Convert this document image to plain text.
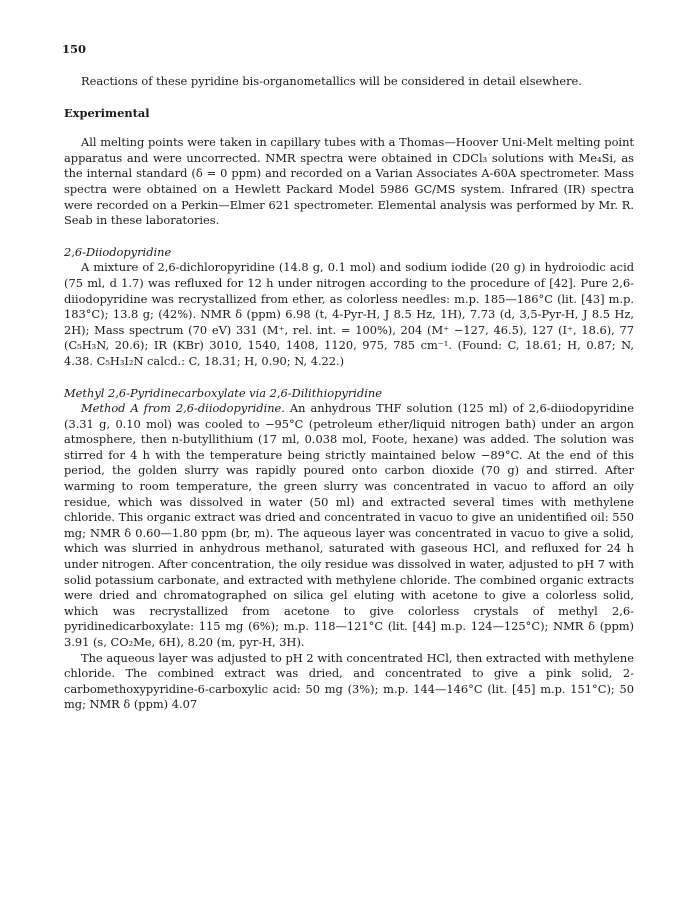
150

Reactions of these pyridine bis-organometallics will be considered in detail elsewhere.

Experimental

All melting points were taken in capillary tubes with a Thomas—Hoover Uni-Melt melting point apparatus and were uncorrected. NMR spectra were obtained in CDCl₃ solutions with Me₄Si, as the internal standard (δ = 0 ppm) and recorded on a Varian Associates A-60A spectrometer. Mass spectra were obtained on a Hewlett Packard Model 5986 GC/MS system. Infrared (IR) spectra were recorded on a Perkin—Elmer 621 spectrometer. Elemental analysis was performed by Mr. R. Seab in these laboratories.

2,6-Diiodopyridine

A mixture of 2,6-dichloropyridine (14.8 g, 0.1 mol) and sodium iodide (20 g) in hydroiodic acid (75 ml, d 1.7) was refluxed for 12 h under nitrogen according to the procedure of [42]. Pure 2,6-diiodopyridine was recrystallized from ether, as colorless needles: m.p. 185—186°C (lit. [43] m.p. 183°C); 13.8 g; (42%). NMR δ (ppm) 6.98 (t, 4-Pyr-H, J 8.5 Hz, 1H), 7.73 (d, 3,5-Pyr-H, J 8.5 Hz, 2H); Mass spectrum (70 eV) 331 (M⁺, rel. int. = 100%), 204 (M⁺ −127, 46.5), 127 (I⁺, 18.6), 77 (C₅H₃N, 20.6); IR (KBr) 3010, 1540, 1408, 1120, 975, 785 cm⁻¹. (Found: C, 18.61; H, 0.87; N, 4.38. C₅H₃I₂N calcd.: C, 18.31; H, 0.90; N, 4.22.)

Methyl 2,6-Pyridinecarboxylate via 2,6-Dilithiopyridine

Method A from 2,6-diiodopyridine. An anhydrous THF solution (125 ml) of 2,6-diiodopyridine (3.31 g, 0.10 mol) was cooled to −95°C (petroleum ether/liquid nitrogen bath) under an argon atmosphere, then n-butyllithium (17 ml, 0.038 mol, Foote, hexane) was added. The solution was stirred for 4 h with the temperature being strictly maintained below −89°C. At the end of this period, the golden slurry was rapidly poured onto carbon dioxide (70 g) and stirred. After warming to room temperature, the green slurry was concentrated in vacuo to afford an oily residue, which was dissolved in water (50 ml) and extracted several times with methylene chloride. This organic extract was dried and concentrated in vacuo to give an unidentified oil: 550 mg; NMR δ 0.60—1.80 ppm (br, m). The aqueous layer was concentrated in vacuo to give a solid, which was slurried in anhydrous methanol, saturated with gaseous HCl, and refluxed for 24 h under nitrogen. After concentration, the oily residue was dissolved in water, adjusted to pH 7 with solid potassium carbonate, and extracted with methylene chloride. The combined organic extracts were dried and chromatographed on silica gel eluting with acetone to give a colorless solid, which was recrystallized from acetone to give colorless crystals of methyl 2,6-pyridinedicarboxylate: 115 mg (6%); m.p. 118—121°C (lit. [44] m.p. 124—125°C); NMR δ (ppm) 3.91 (s, CO₂Me, 6H), 8.20 (m, pyr-H, 3H).

The aqueous layer was adjusted to pH 2 with concentrated HCl, then extracted with methylene chloride. The combined extract was dried, and concentrated to give a pink solid, 2-carbomethoxypyridine-6-carboxylic acid: 50 mg (3%); m.p. 144—146°C (lit. [45] m.p. 151°C); 50 mg; NMR δ (ppm) 4.07
